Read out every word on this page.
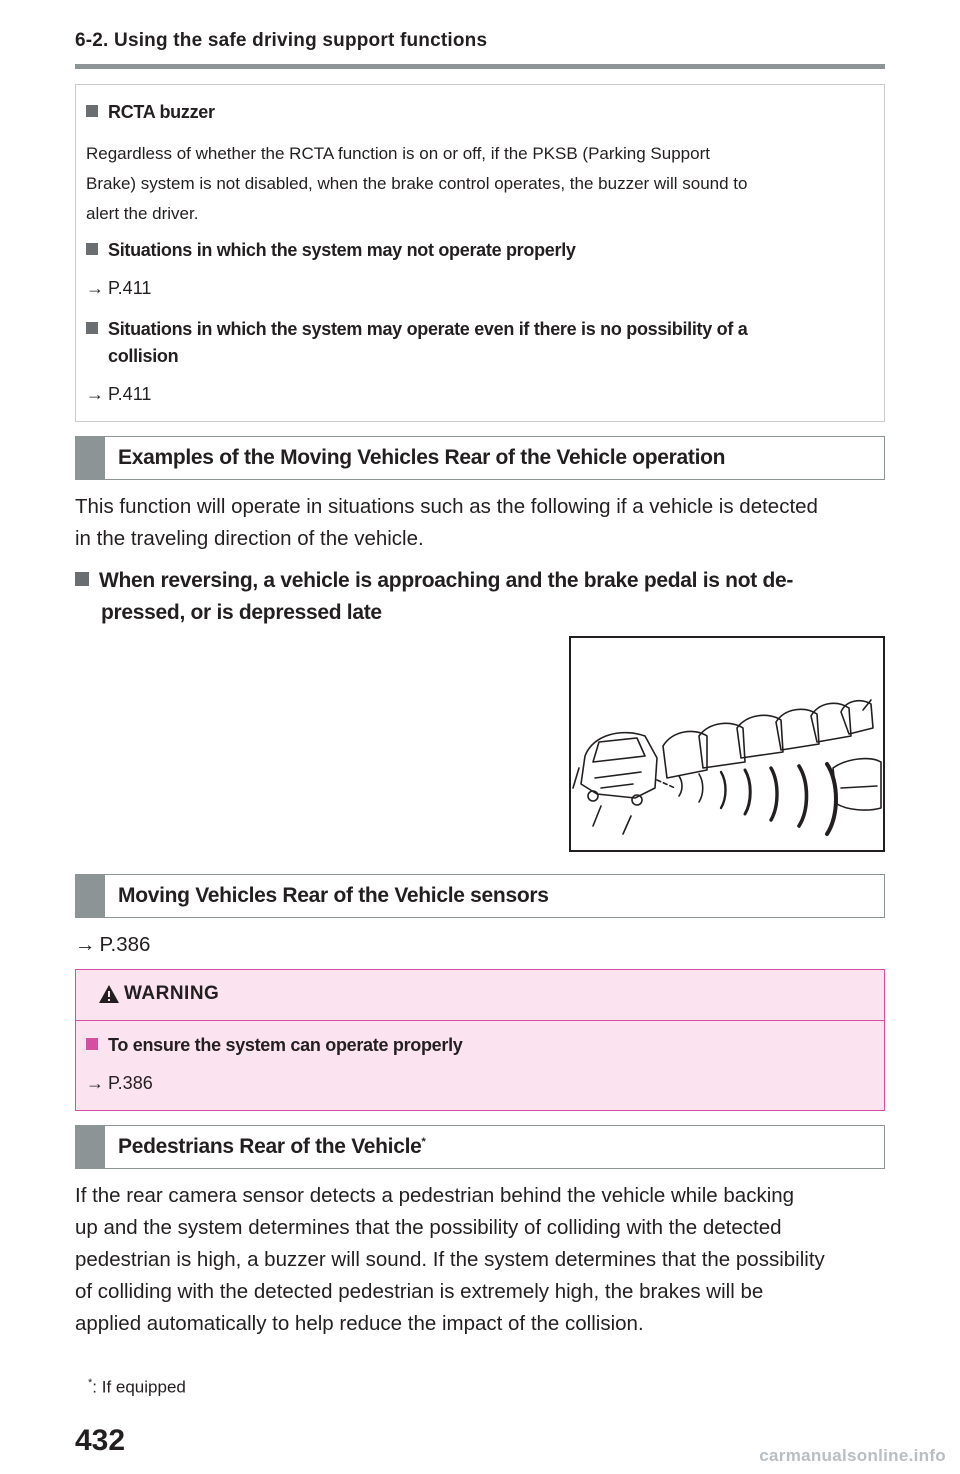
6-2. Using the safe driving support functions
RCTA buzzer
Regardless of whether the RCTA function is on or off, if the PKSB (Parking Support
Brake) system is not disabled, when the brake control operates, the buzzer will sound to
alert the driver.
Situations in which the system may not operate properly
→ P.411
Situations in which the system may operate even if there is no possibility of a
collision
→ P.411
Examples of the Moving Vehicles Rear of the Vehicle operation
This function will operate in situations such as the following if a vehicle is detected
in the traveling direction of the vehicle.
When reversing, a vehicle is approaching and the brake pedal is not de-
pressed, or is depressed late
Moving Vehicles Rear of the Vehicle sensors
→ P.386
WARNING
To ensure the system can operate properly
→ P.386
Pedestrians Rear of the Vehicle*
If the rear camera sensor detects a pedestrian behind the vehicle while backing
up and the system determines that the possibility of colliding with the detected
pedestrian is high, a buzzer will sound. If the system determines that the possibility
of colliding with the detected pedestrian is extremely high, the brakes will be
applied automatically to help reduce the impact of the collision.
*: If equipped
432	carmanualsonline.info
